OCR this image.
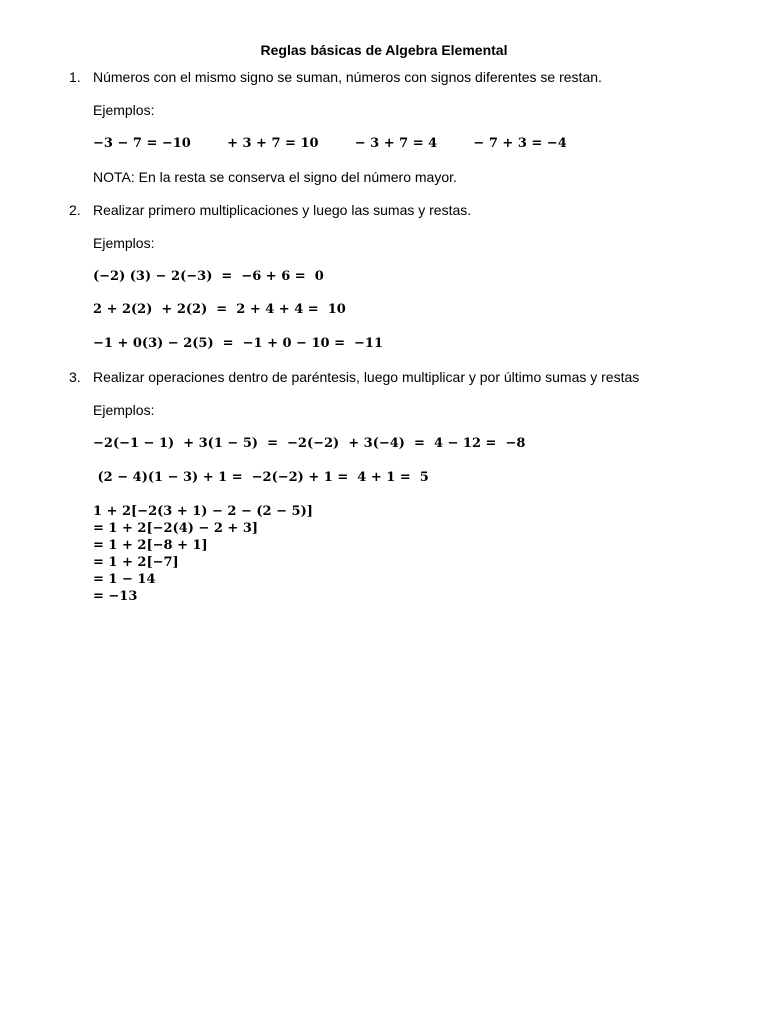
Reglas básicas de Algebra Elemental
1. Números con el mismo signo se suman, números con signos diferentes se restan.
Ejemplos:
−3 − 7 = −10        + 3 + 7 = 10        − 3 + 7 = 4        − 7 + 3 = −4
NOTA: En la resta se conserva el signo del número mayor.
2. Realizar primero multiplicaciones y luego las sumas y restas.
Ejemplos:
(−2) (3) − 2(−3)  =  −6 + 6 =  0
2 + 2(2)  + 2(2)  =  2 + 4 + 4 =  10
−1 + 0(3) − 2(5)  =  −1 + 0 − 10 =  −11
3. Realizar operaciones dentro de paréntesis, luego multiplicar y por último sumas y restas
Ejemplos:
−2(−1 − 1)  + 3(1 − 5)  =  −2(−2)  + 3(−4)  =  4 − 12 =  −8
(2 − 4)(1 − 3) + 1 =  −2(−2) + 1 =  4 + 1 =  5
1 + 2[−2(3 + 1) − 2 − (2 − 5)]
= 1 + 2[−2(4) − 2 + 3]
= 1 + 2[−8 + 1]
= 1 + 2[−7]
= 1 − 14
= −13
